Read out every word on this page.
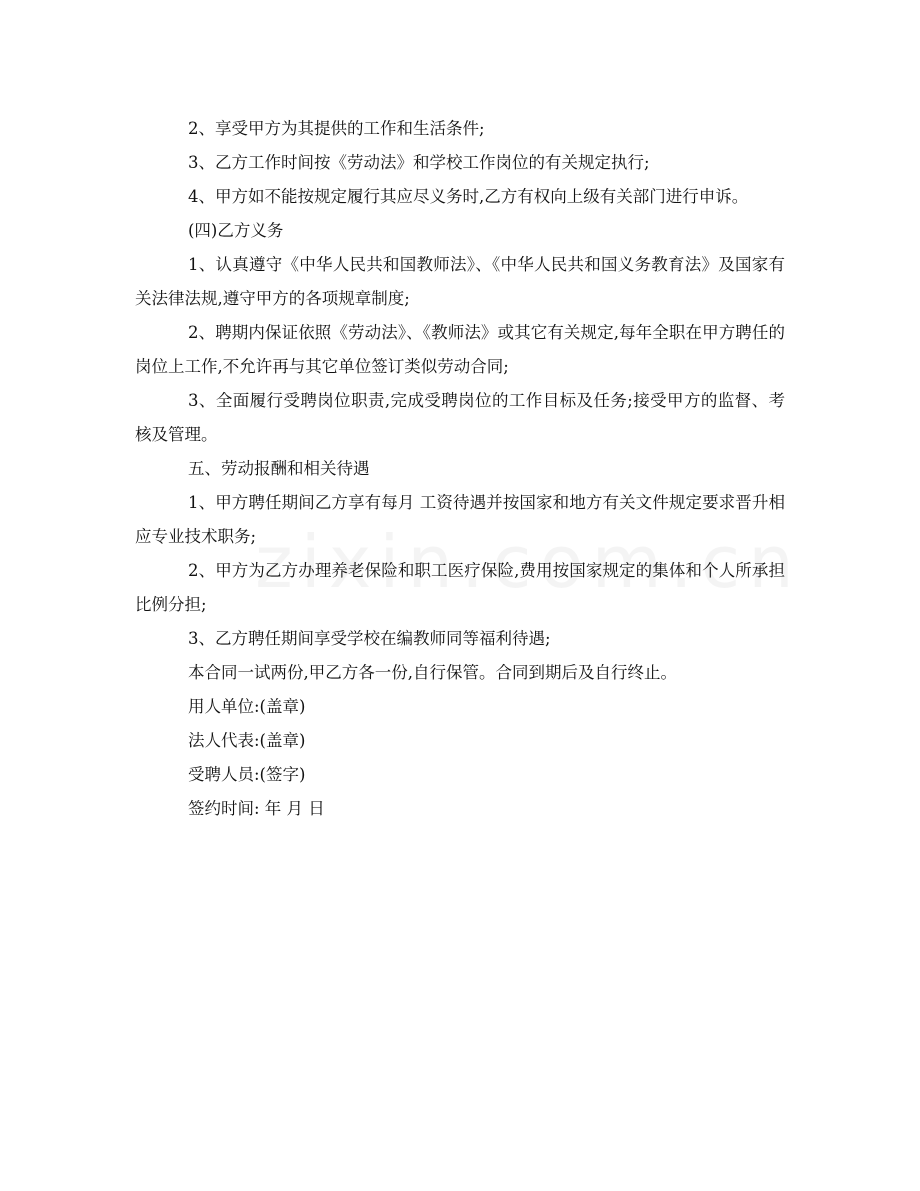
2、享受甲方为其提供的工作和生活条件;

3、乙方工作时间按《劳动法》和学校工作岗位的有关规定执行;

4、甲方如不能按规定履行其应尽义务时,乙方有权向上级有关部门进行申诉。

(四)乙方义务

1、认真遵守《中华人民共和国教师法》、《中华人民共和国义务教育法》及国家有关法律法规,遵守甲方的各项规章制度;

2、聘期内保证依照《劳动法》、《教师法》或其它有关规定,每年全职在甲方聘任的岗位上工作,不允许再与其它单位签订类似劳动合同;

3、全面履行受聘岗位职责,完成受聘岗位的工作目标及任务;接受甲方的监督、考核及管理。

五、劳动报酬和相关待遇

1、甲方聘任期间乙方享有每月 工资待遇并按国家和地方有关文件规定要求晋升相应专业技术职务;

2、甲方为乙方办理养老保险和职工医疗保险,费用按国家规定的集体和个人所承担比例分担;

3、乙方聘任期间享受学校在编教师同等福利待遇;

本合同一试两份,甲乙方各一份,自行保管。合同到期后及自行终止。

用人单位:(盖章)

法人代表:(盖章)

受聘人员:(签字)

签约时间: 年 月 日
